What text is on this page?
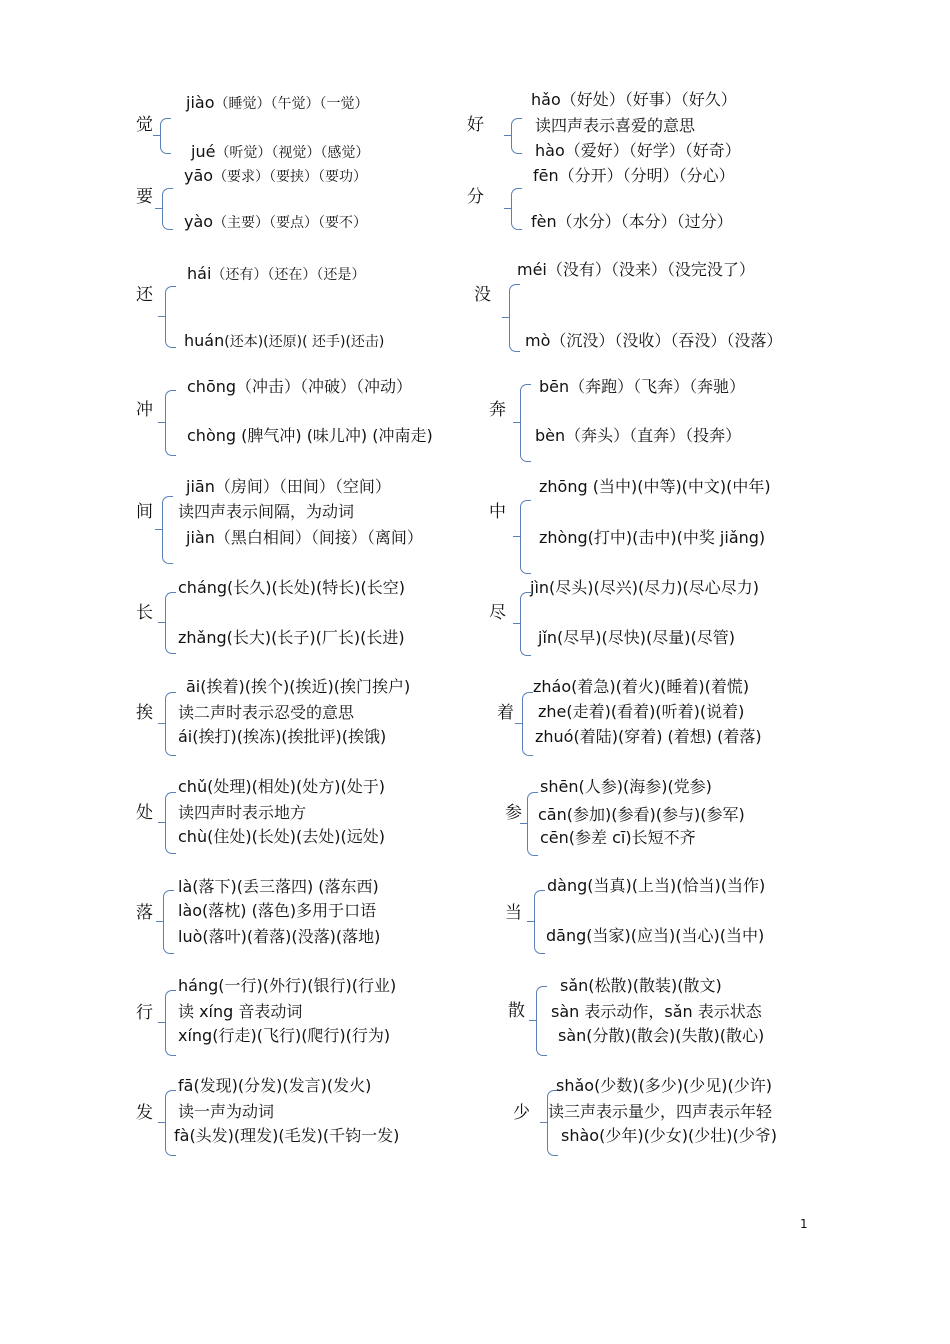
觉
jiào（睡觉）（午觉）（一觉）
jué（听觉）（视觉）（感觉）
好
hǎo（好处）（好事）（好久）
读四声表示喜爱的意思
hào（爱好）（好学）（好奇）
要
yāo（要求）（要挟）（要功）
yào（主要）（要点）（要不）
分
fēn（分开）（分明）（分心）
fèn（水分）（本分）（过分）
还
hái（还有）（还在）（还是）
huán(还本)(还原)( 还手)(还击)
没
méi（没有）（没来）（没完没了）
mò（沉没）（没收）（吞没）（没落）
冲
chōng（冲击）（冲破）（冲动）
chòng (脾气冲) (味儿冲) (冲南走)
奔
bēn（奔跑）（飞奔）（奔驰）
bèn（奔头）（直奔）（投奔）
间
jiān（房间）（田间）（空间）
读四声表示间隔，为动词
jiàn（黑白相间）（间接）（离间）
中
zhōng (当中)(中等)(中文)(中年)
zhòng(打中)(击中)(中奖 jiǎng)
长
cháng(长久)(长处)(特长)(长空)
zhǎng(长大)(长子)(厂长)(长进)
尽
jìn(尽头)(尽兴)(尽力)(尽心尽力)
jǐn(尽早)(尽快)(尽量)(尽管)
挨
āi(挨着)(挨个)(挨近)(挨门挨户)
读二声时表示忍受的意思
ái(挨打)(挨冻)(挨批评)(挨饿)
着
zháo(着急)(着火)(睡着)(着慌)
zhe(走着)(看着)(听着)(说着)
zhuó(着陆)(穿着) (着想) (着落)
处
chǔ(处理)(相处)(处方)(处于)
读四声时表示地方
chù(住处)(长处)(去处)(远处)
参
shēn(人参)(海参)(党参)
cān(参加)(参看)(参与)(参军)
cēn(参差 cī)长短不齐
落
là(落下)(丢三落四) (落东西)
lào(落枕) (落色)多用于口语
luò(落叶)(着落)(没落)(落地)
当
dàng(当真)(上当)(恰当)(当作)
dāng(当家)(应当)(当心)(当中)
行
háng(一行)(外行)(银行)(行业)
读 xíng 音表动词
xíng(行走)(飞行)(爬行)(行为)
散
sǎn(松散)(散装)(散文)
sàn 表示动作，sǎn 表示状态
sàn(分散)(散会)(失散)(散心)
发
fā(发现)(分发)(发言)(发火)
读一声为动词
fà(头发)(理发)(毛发)(千钧一发)
少
shǎo(少数)(多少)(少见)(少许)
读三声表示量少，四声表示年轻
shào(少年)(少女)(少壮)(少爷)
1
